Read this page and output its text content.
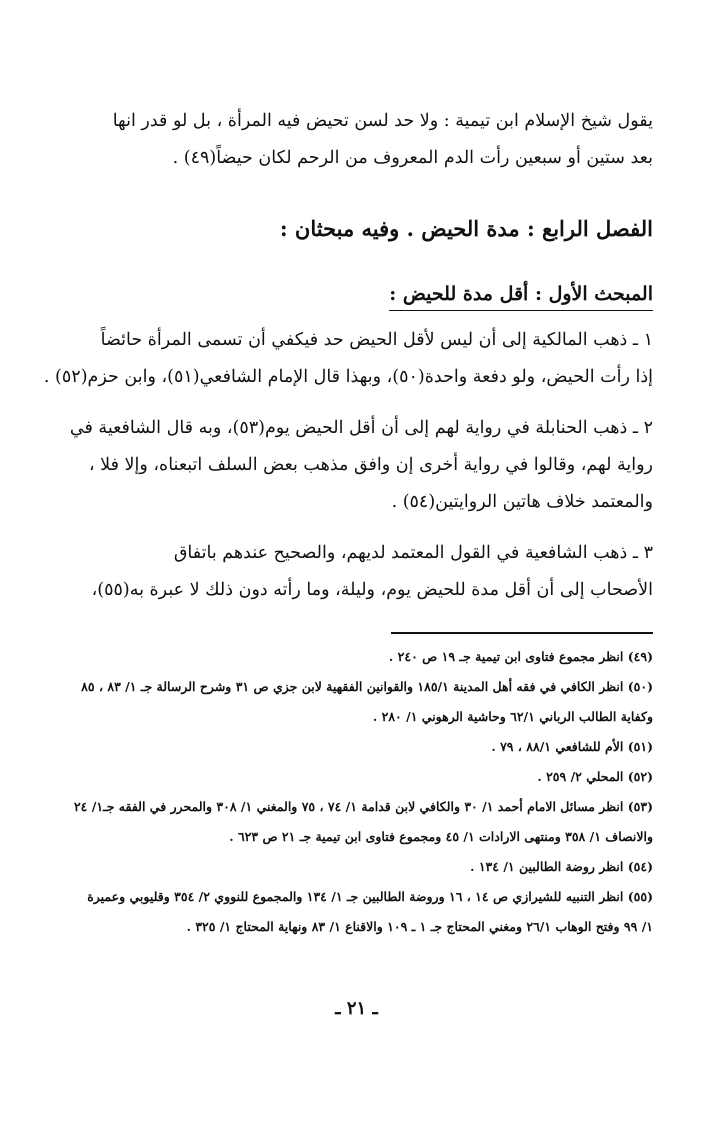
يقول شيخ الإسلام ابن تيمية : ولا حد لسن تحيض فيه المرأة ، بل لو قدر انها
بعد ستين أو سبعين رأت الدم المعروف من الرحم لكان حيضاً(٤٩) .
الفصل الرابع : مدة الحيض . وفيه مبحثان :
المبحث الأول : أقل مدة للحيض :
١ ـ ذهب المالكية إلى أن ليس لأقل الحيض حد فيكفي أن تسمى المرأة حائضاً
إذا رأت الحيض، ولو دفعة واحدة(٥٠)، وبهذا قال الإمام الشافعي(٥١)، وابن حزم(٥٢) .
٢ ـ ذهب الحنابلة في رواية لهم إلى أن أقل الحيض يوم(٥٣)، وبه قال الشافعية في
رواية لهم، وقالوا في رواية أخرى إن وافق مذهب بعض السلف اتبعناه، وإلا فلا ،
والمعتمد خلاف هاتين الروايتين(٥٤) .
٣ ـ ذهب الشافعية في القول المعتمد لديهم، والصحيح عندهم باتفاق
الأصحاب إلى أن أقل مدة للحيض يوم، وليلة، وما رأته دون ذلك لا عبرة به(٥٥)،
(٤٩) انظر مجموع فتاوى ابن تيمية جـ ١٩ ص ٢٤٠ .
(٥٠) انظر الكافي في فقه أهل المدينة ١٨٥/١ والقوانين الفقهية لابن جزي ص ٣١ وشرح الرسالة جـ ١/ ٨٣ ، ٨٥
وكفاية الطالب الرباني ٦٢/١ وحاشية الرهوني ١/ ٢٨٠ .
(٥١) الأم للشافعي ٨٨/١ ، ٧٩ .
(٥٢) المحلي ٢/ ٢٥٩ .
(٥٣) انظر مسائل الامام أحمد ١/ ٣٠ والكافي لابن قدامة ١/ ٧٤ ، ٧٥ والمغني ١/ ٣٠٨ والمحرر في الفقه جـ١/ ٢٤
والانصاف ١/ ٣٥٨ ومنتهى الارادات ١/ ٤٥ ومجموع فتاوى ابن تيمية جـ ٢١ ص ٦٢٣ .
(٥٤) انظر روضة الطالبين ١/ ١٣٤ .
(٥٥) انظر التنبيه للشيرازي ص ١٤ ، ١٦ وروضة الطالبين جـ ١/ ١٣٤ والمجموع للنووي ٢/ ٣٥٤ وقليوبي وعميرة
١/ ٩٩ وفتح الوهاب ٢٦/١ ومغني المحتاج جـ ١ ـ ١٠٩ والاقناع ١/ ٨٣ ونهاية المحتاج ١/ ٣٢٥ .
ـ ٢١ ـ
